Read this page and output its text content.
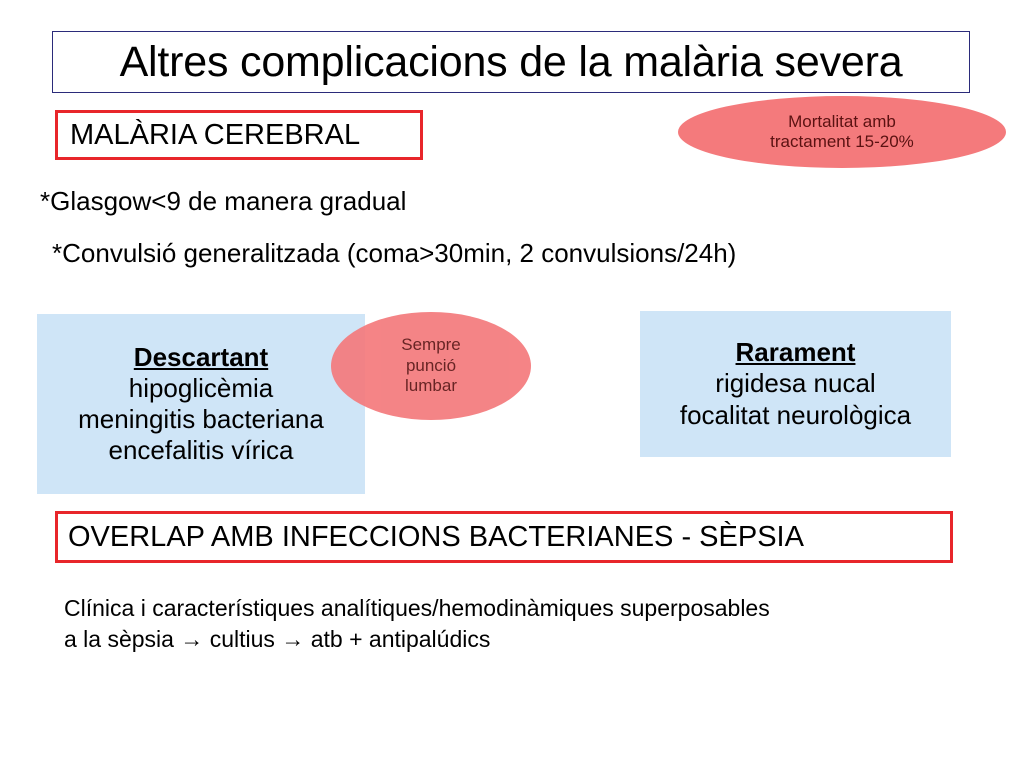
Altres complicacions de la malària severa
MALÀRIA CEREBRAL	Mortalitat amb
tractament 15-20%
*Glasgow<9 de manera gradual
*Convulsió generalitzada (coma>30min, 2 convulsions/24h)
Descartant
hipoglicèmia
meningitis bacteriana
encefalitis vírica
Sempre
punció
lumbar
Rarament
rigidesa nucal
focalitat neurològica
OVERLAP AMB INFECCIONS BACTERIANES - SÈPSIA
Clínica i característiques analítiques/hemodinàmiques superposables
a la sèpsia → cultius → atb + antipalúdics
